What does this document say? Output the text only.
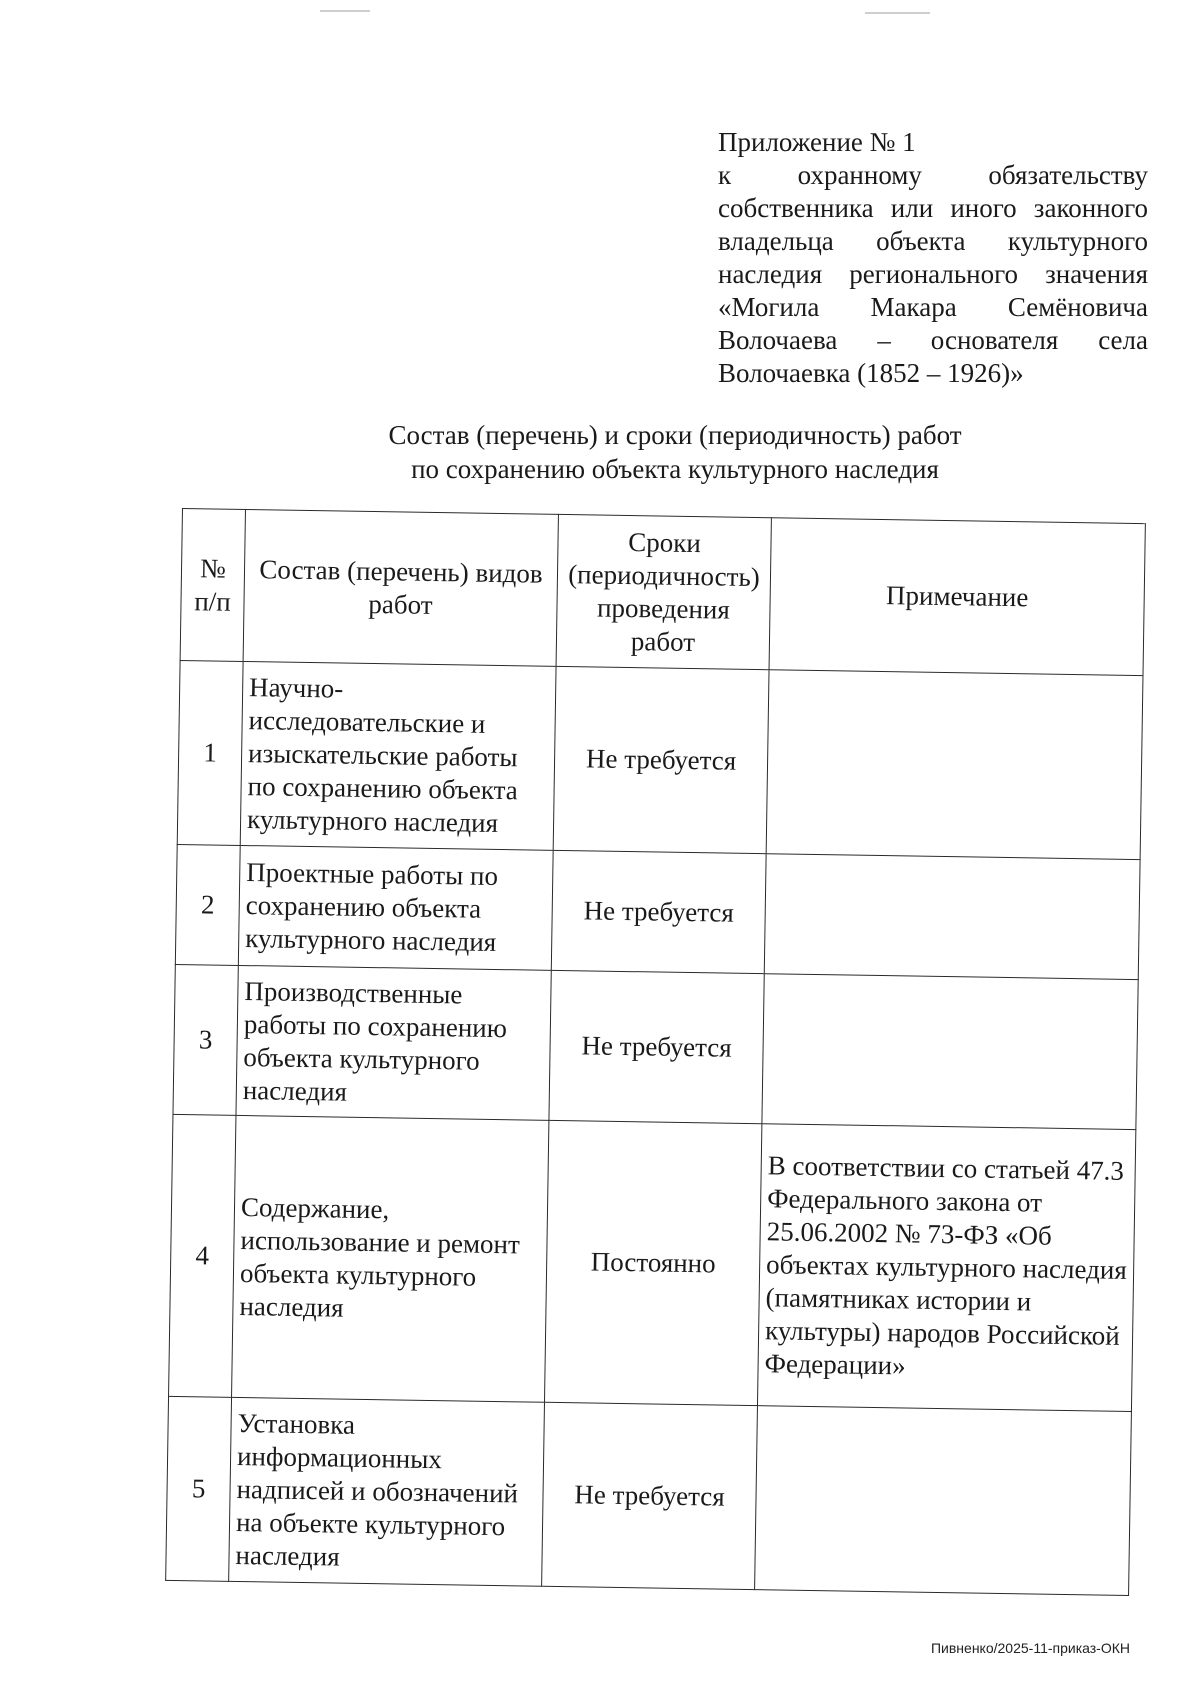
Приложение № 1
к охранному обязательству
собственника или иного законного
владельца объекта культурного
наследия регионального значения
«Могила Макара Семёновича
Волочаева – основателя села
Волочаевка (1852 – 1926)»
Состав (перечень) и сроки (периодичность) работ
по сохранению объекта культурного наследия
№ п/п	Состав (перечень) видов работ	Сроки (периодичность) проведения работ	Примечание
1	Научно-исследовательские и изыскательские работы по сохранению объекта культурного наследия	Не требуется	
2	Проектные работы по сохранению объекта культурного наследия	Не требуется	
3	Производственные работы по сохранению объекта культурного наследия	Не требуется	
4	Содержание, использование и ремонт объекта культурного наследия	Постоянно	В соответствии со статьей 47.3 Федерального закона от 25.06.2002 № 73-ФЗ «Об объектах культурного наследия (памятниках истории и культуры) народов Российской Федерации»
5	Установка информационных надписей и обозначений на объекте культурного наследия	Не требуется	
Пивненко/2025-11-приказ-ОКН
